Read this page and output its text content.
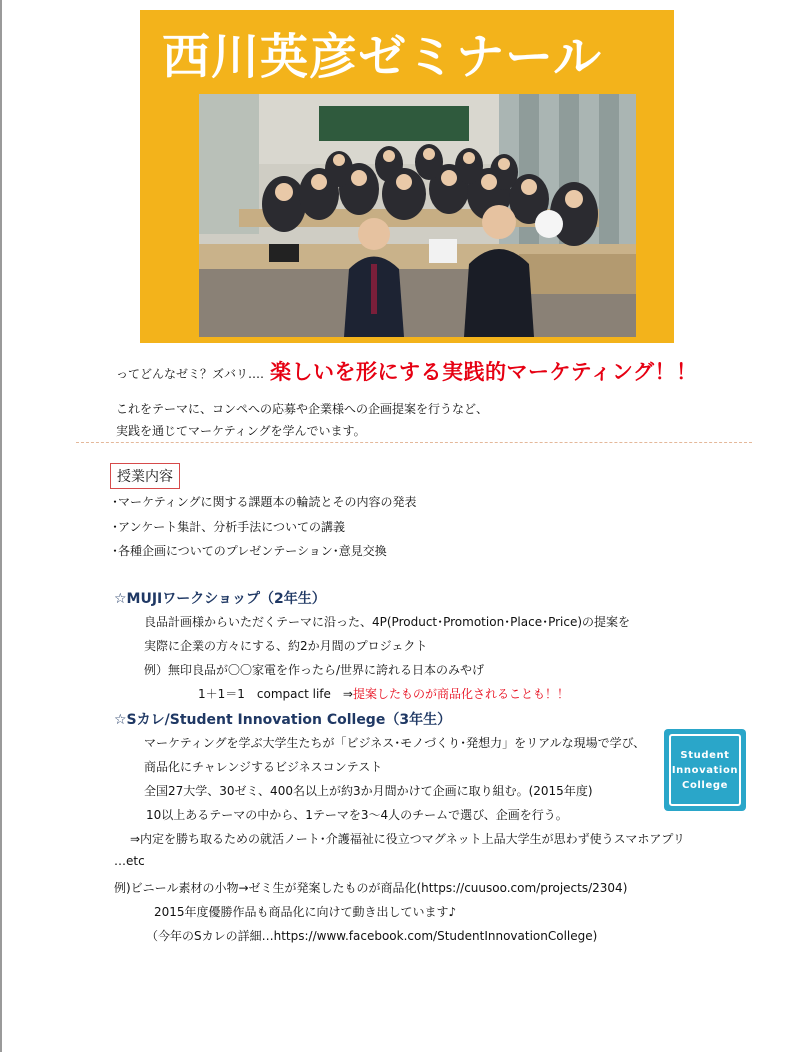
西川英彦ゼミナール
ってどんなゼミ？ズバリ‥‥ 楽しいを形にする実践的マーケティング！！
これをテーマに、コンペへの応募や企業様への企画提案を行うなど、
実践を通じてマーケティングを学んでいます。
授業内容
･マーケティングに関する課題本の輪読とその内容の発表
･アンケート集計、分析手法についての講義
･各種企画についてのプレゼンテーション･意見交換
☆MUJIワークショップ（2年生）
良品計画様からいただくテーマに沿った、4P(Product･Promotion･Place･Price)の提案を
実際に企業の方々にする、約2か月間のプロジェクト
例）無印良品が〇〇家電を作ったら/世界に誇れる日本のみやげ
1＋1＝1　compact life　⇒提案したものが商品化されることも！！
☆Sカレ/Student Innovation College（3年生）
マーケティングを学ぶ大学生たちが「ビジネス･モノづくり･発想力」をリアルな現場で学び、
商品化にチャレンジするビジネスコンテスト
全国27大学、30ゼミ、400名以上が約3か月間かけて企画に取り組む。(2015年度)
10以上あるテーマの中から、1テーマを3～4人のチームで選び、企画を行う。
⇒内定を勝ち取るための就活ノート･介護福祉に役立つマグネット上品大学生が思わず使うスマホアプリ
…etc
例)ビニール素材の小物→ゼミ生が発案したものが商品化(https://cuusoo.com/projects/2304)
2015年度優勝作品も商品化に向けて動き出しています♪
（今年のSカレの詳細…https://www.facebook.com/StudentInnovationCollege)
Student
Innovation
College
